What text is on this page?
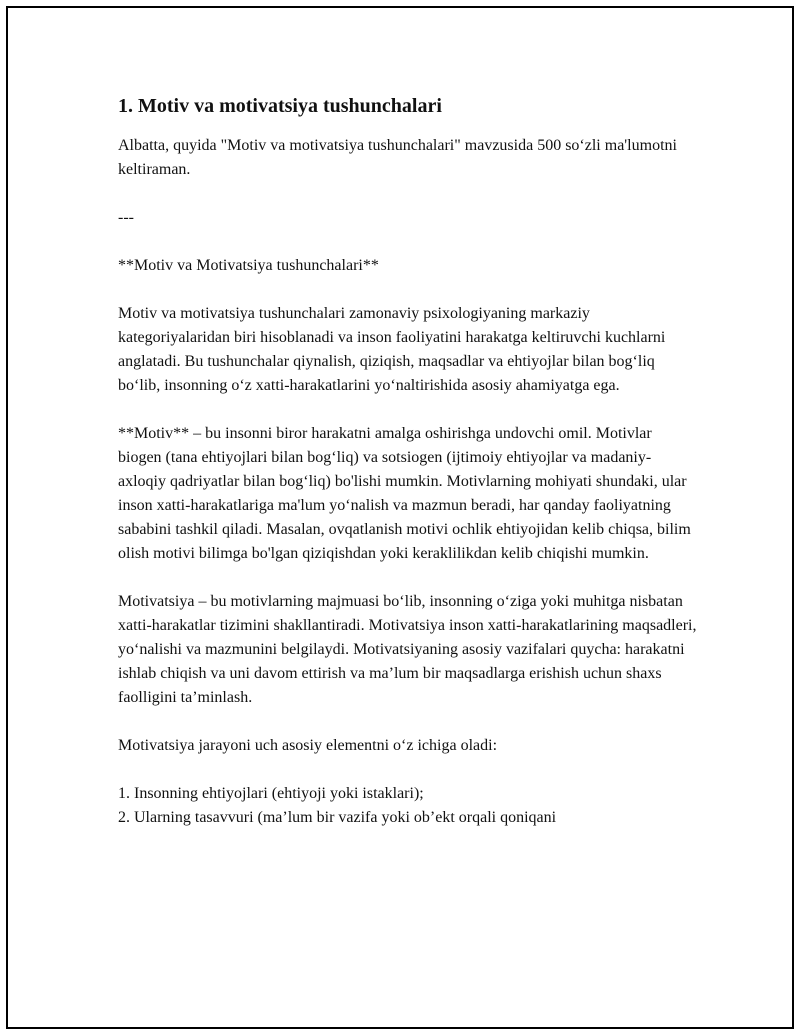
1. Motiv va motivatsiya tushunchalari

Albatta, quyida "Motiv va motivatsiya tushunchalari" mavzusida 500 so‘zli ma'lumotni keltiraman.

---

**Motiv va Motivatsiya tushunchalari**

Motiv va motivatsiya tushunchalari zamonaviy psixologiyaning markaziy kategoriyalaridan biri hisoblanadi va inson faoliyatini harakatga keltiruvchi kuchlarni anglatadi. Bu tushunchalar qiynalish, qiziqish, maqsadlar va ehtiyojlar bilan bog‘liq bo‘lib, insonning o‘z xatti-harakatlarini yo‘naltirishida asosiy ahamiyatga ega.

**Motiv** – bu insonni biror harakatni amalga oshirishga undovchi omil. Motivlar biogen (tana ehtiyojlari bilan bog‘liq) va sotsiogen (ijtimoiy ehtiyojlar va madaniy-axloqiy qadriyatlar bilan bog‘liq) bo'lishi mumkin. Motivlarning mohiyati shundaki, ular inson xatti-harakatlariga ma'lum yo‘nalish va mazmun beradi, har qanday faoliyatning sababini tashkil qiladi. Masalan, ovqatlanish motivi ochlik ehtiyojidan kelib chiqsa, bilim olish motivi bilimga bo'lgan qiziqishdan yoki keraklilikdan kelib chiqishi mumkin.

Motivatsiya – bu motivlarning majmuasi bo‘lib, insonning o‘ziga yoki muhitga nisbatan xatti-harakatlar tizimini shakllantiradi. Motivatsiya inson xatti-harakatlarining maqsadleri, yo‘nalishi va mazmunini belgilaydi. Motivatsiyaning asosiy vazifalari quycha: harakatni ishlab chiqish va uni davom ettirish va ma’lum bir maqsadlarga erishish uchun shaxs faolligini ta’minlash.

Motivatsiya jarayoni uch asosiy elementni o‘z ichiga oladi:

1. Insonning ehtiyojlari (ehtiyoji yoki istaklari);

2. Ularning tasavvuri (ma’lum bir vazifa yoki ob’ekt orqali qoniqani
